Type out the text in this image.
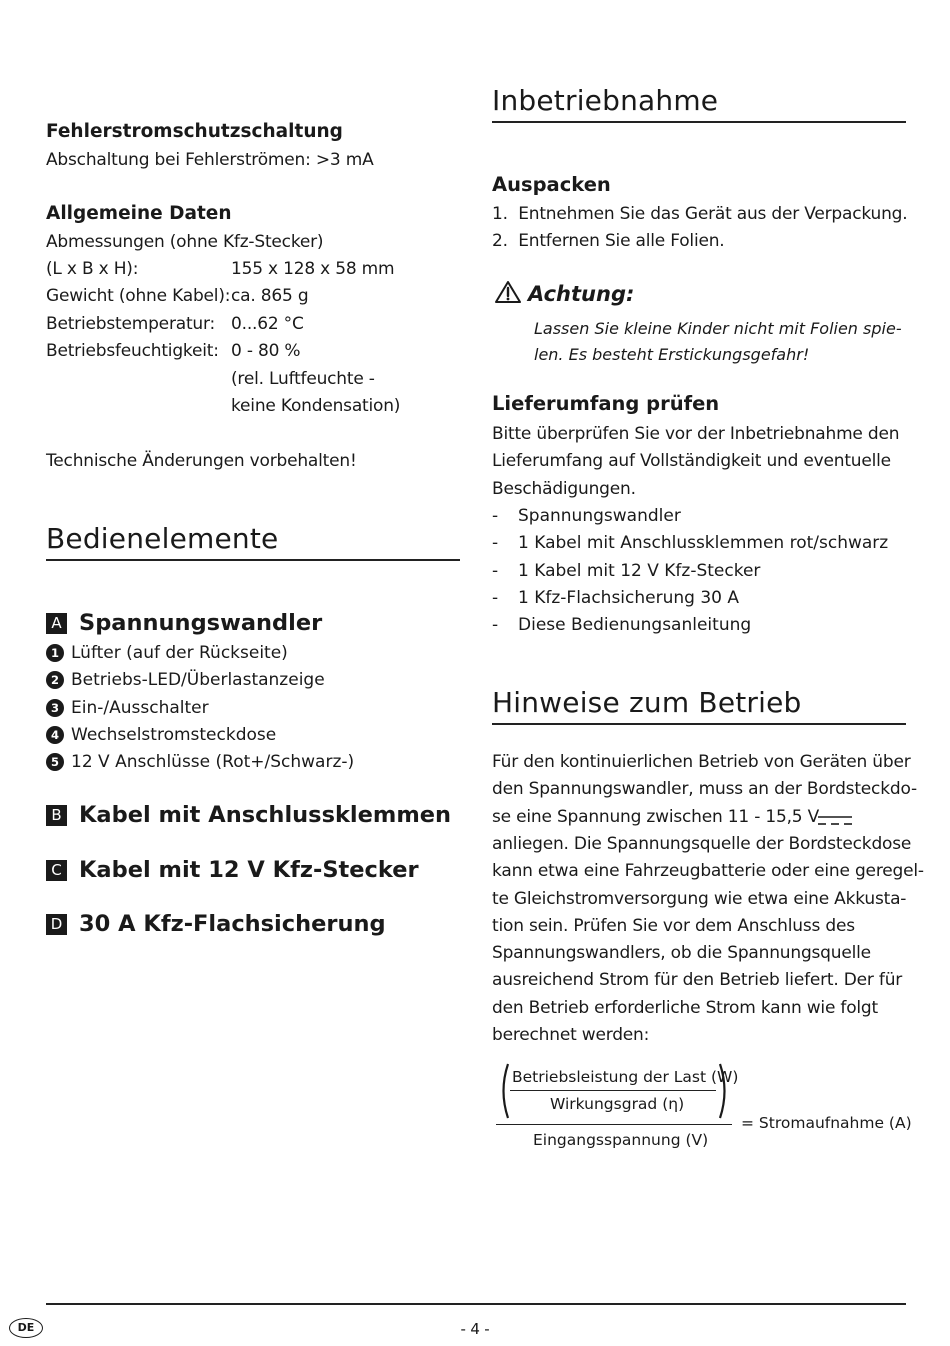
Fehlerstromschutzschaltung
Abschaltung bei Fehlerströmen: >3 mA
Allgemeine Daten
Abmessungen (ohne Kfz-Stecker)
(L x B x H):	155 x 128 x 58 mm
Gewicht (ohne Kabel): ca. 865 g
Betriebstemperatur: 0...62 °C
Betriebsfeuchtigkeit: 0 - 80 %
(rel. Luftfeuchte -
keine Kondensation)
Technische Änderungen vorbehalten!
Bedienelemente
A Spannungswandler
1 Lüfter (auf der Rückseite)
2 Betriebs-LED/Überlastanzeige
3 Ein-/Ausschalter
4 Wechselstromsteckdose
5 12 V Anschlüsse (Rot+/Schwarz-)
B Kabel mit Anschlussklemmen
C Kabel mit 12 V Kfz-Stecker
D 30 A Kfz-Flachsicherung
Inbetriebnahme
Auspacken
1.  Entnehmen Sie das Gerät aus der Verpackung.
2.  Entfernen Sie alle Folien.
Achtung:
Lassen Sie kleine Kinder nicht mit Folien spie-
len. Es besteht Erstickungsgefahr!
Lieferumfang prüfen
Bitte überprüfen Sie vor der Inbetriebnahme den
Lieferumfang auf Vollständigkeit und eventuelle
Beschädigungen.
- Spannungswandler
- 1 Kabel mit Anschlussklemmen rot/schwarz
- 1 Kabel mit 12 V Kfz-Stecker
- 1 Kfz-Flachsicherung 30 A
- Diese Bedienungsanleitung
Hinweise zum Betrieb
Für den kontinuierlichen Betrieb von Geräten über
den Spannungswandler, muss an der Bordsteckdo-
se eine Spannung zwischen 11 - 15,5 V
anliegen. Die Spannungsquelle der Bordsteckdose
kann etwa eine Fahrzeugbatterie oder eine geregel-
te Gleichstromversorgung wie etwa eine Akkusta-
tion sein. Prüfen Sie vor dem Anschluss des
Spannungswandlers, ob die Spannungsquelle
ausreichend Strom für den Betrieb liefert. Der für
den Betrieb erforderliche Strom kann wie folgt
berechnet werden:
Betriebsleistung der Last (W)
Wirkungsgrad (η)
Eingangsspannung (V)
= Stromaufnahme (A)
DE	- 4 -
